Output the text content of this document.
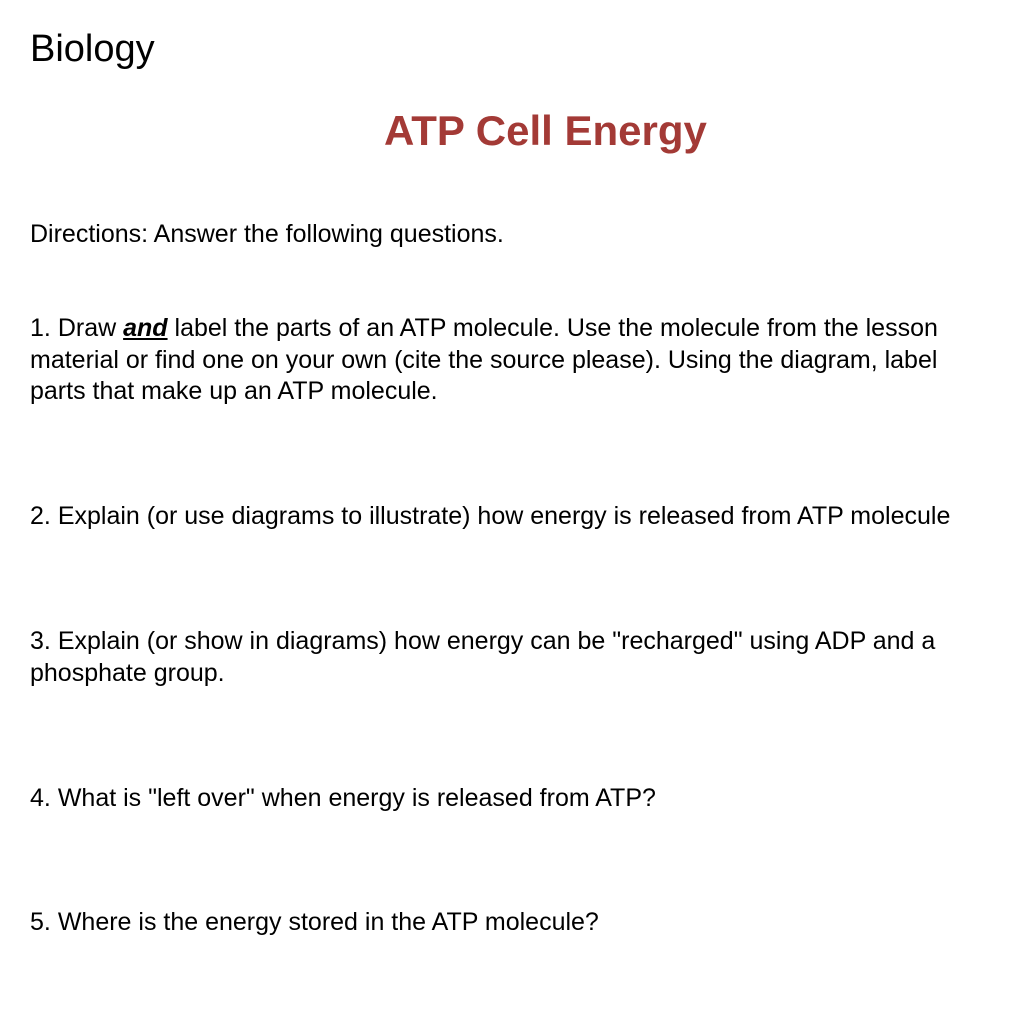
Biology
ATP Cell Energy
Directions: Answer the following questions.
1. Draw and label the parts of an ATP molecule. Use the molecule from the lesson
material or find one on your own (cite the source please). Using the diagram, label
parts that make up an ATP molecule.
2. Explain (or use diagrams to illustrate) how energy is released from ATP molecule
3. Explain (or show in diagrams) how energy can be "recharged" using ADP and a
phosphate group.
4. What is "left over" when energy is released from ATP?
5. Where is the energy stored in the ATP molecule?
